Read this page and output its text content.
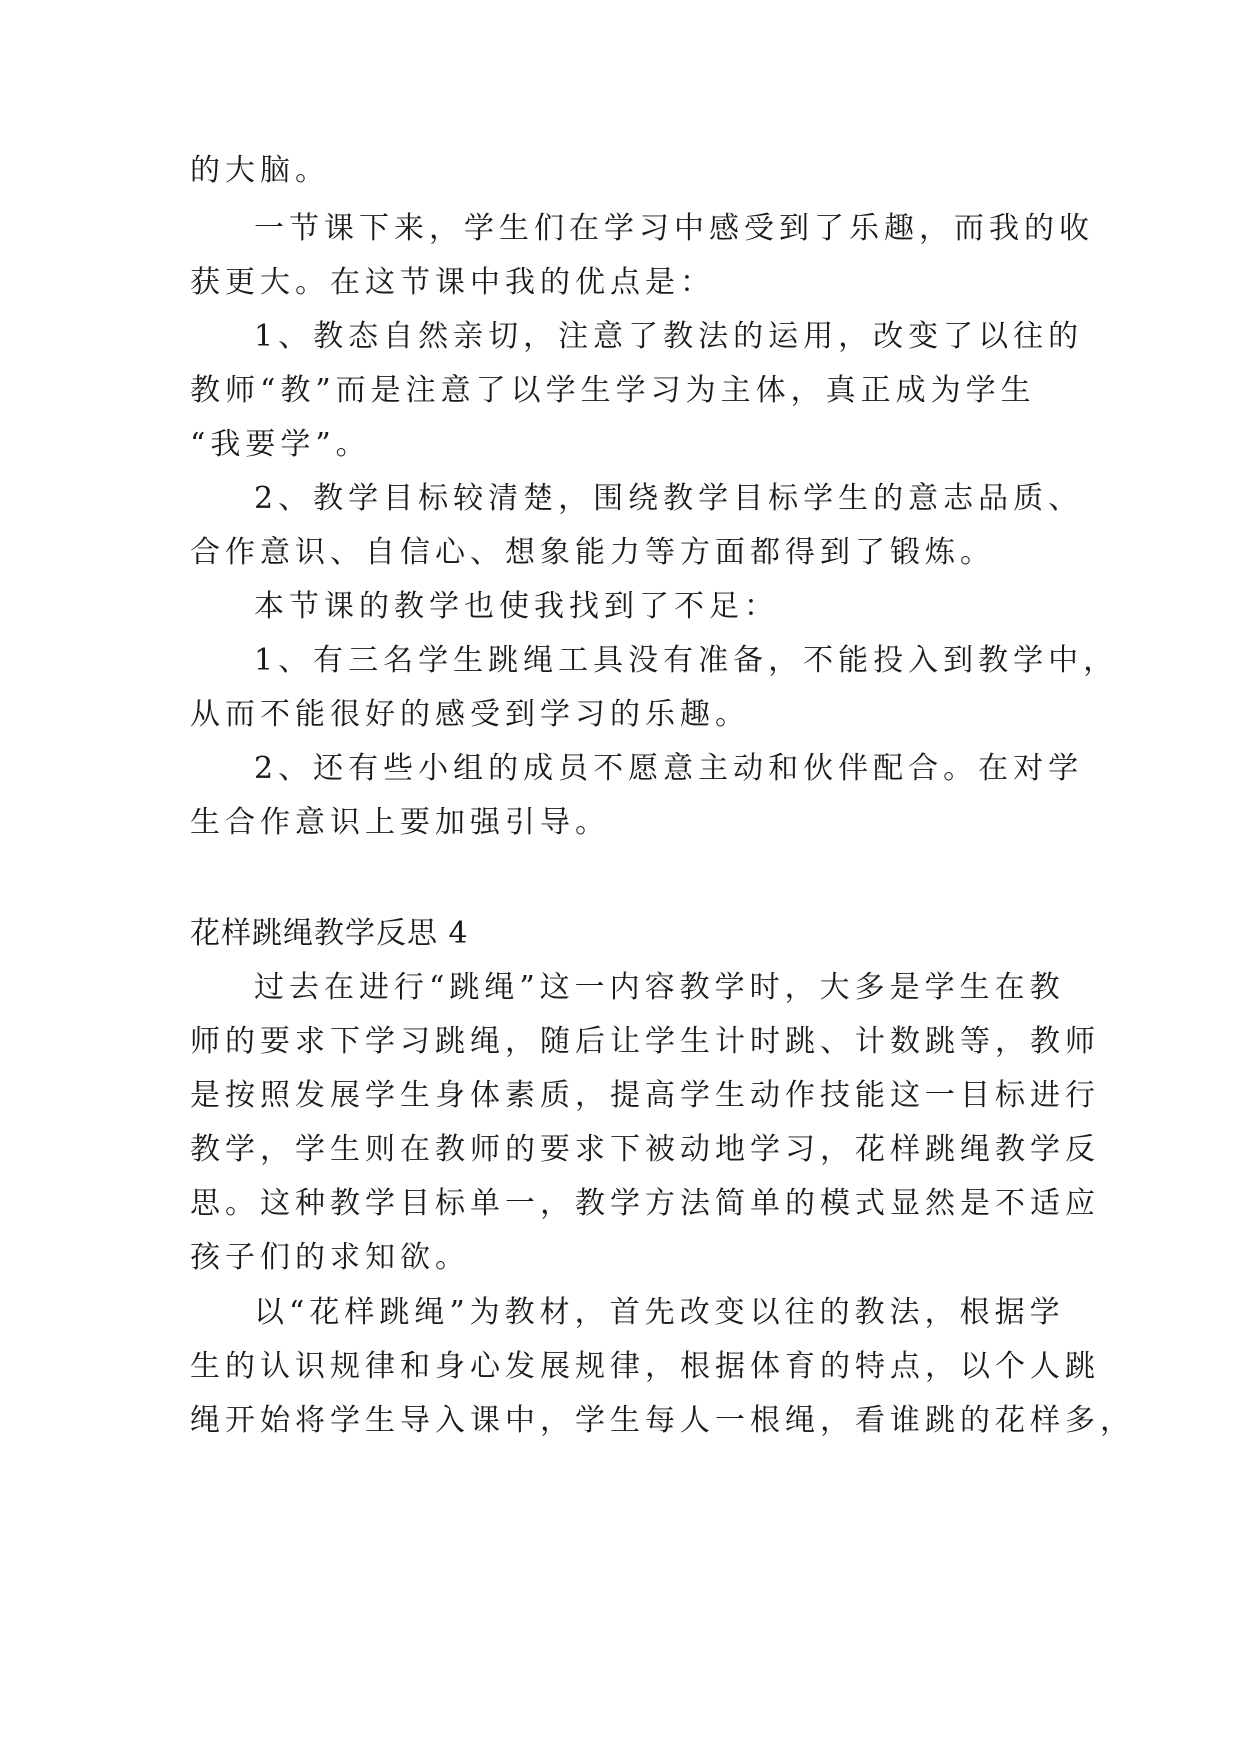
的大脑。
一节课下来，学生们在学习中感受到了乐趣，而我的收
获更大。在这节课中我的优点是：
1、教态自然亲切，注意了教法的运用，改变了以往的
教师“教”而是注意了以学生学习为主体，真正成为学生
“我要学”。
2、教学目标较清楚，围绕教学目标学生的意志品质、
合作意识、自信心、想象能力等方面都得到了锻炼。
本节课的教学也使我找到了不足：
1、有三名学生跳绳工具没有准备，不能投入到教学中，
从而不能很好的感受到学习的乐趣。
2、还有些小组的成员不愿意主动和伙伴配合。在对学
生合作意识上要加强引导。
花样跳绳教学反思 4
过去在进行“跳绳”这一内容教学时，大多是学生在教
师的要求下学习跳绳，随后让学生计时跳、计数跳等，教师
是按照发展学生身体素质，提高学生动作技能这一目标进行
教学，学生则在教师的要求下被动地学习，花样跳绳教学反
思。这种教学目标单一，教学方法简单的模式显然是不适应
孩子们的求知欲。
以“花样跳绳”为教材，首先改变以往的教法，根据学
生的认识规律和身心发展规律，根据体育的特点，以个人跳
绳开始将学生导入课中，学生每人一根绳，看谁跳的花样多，
